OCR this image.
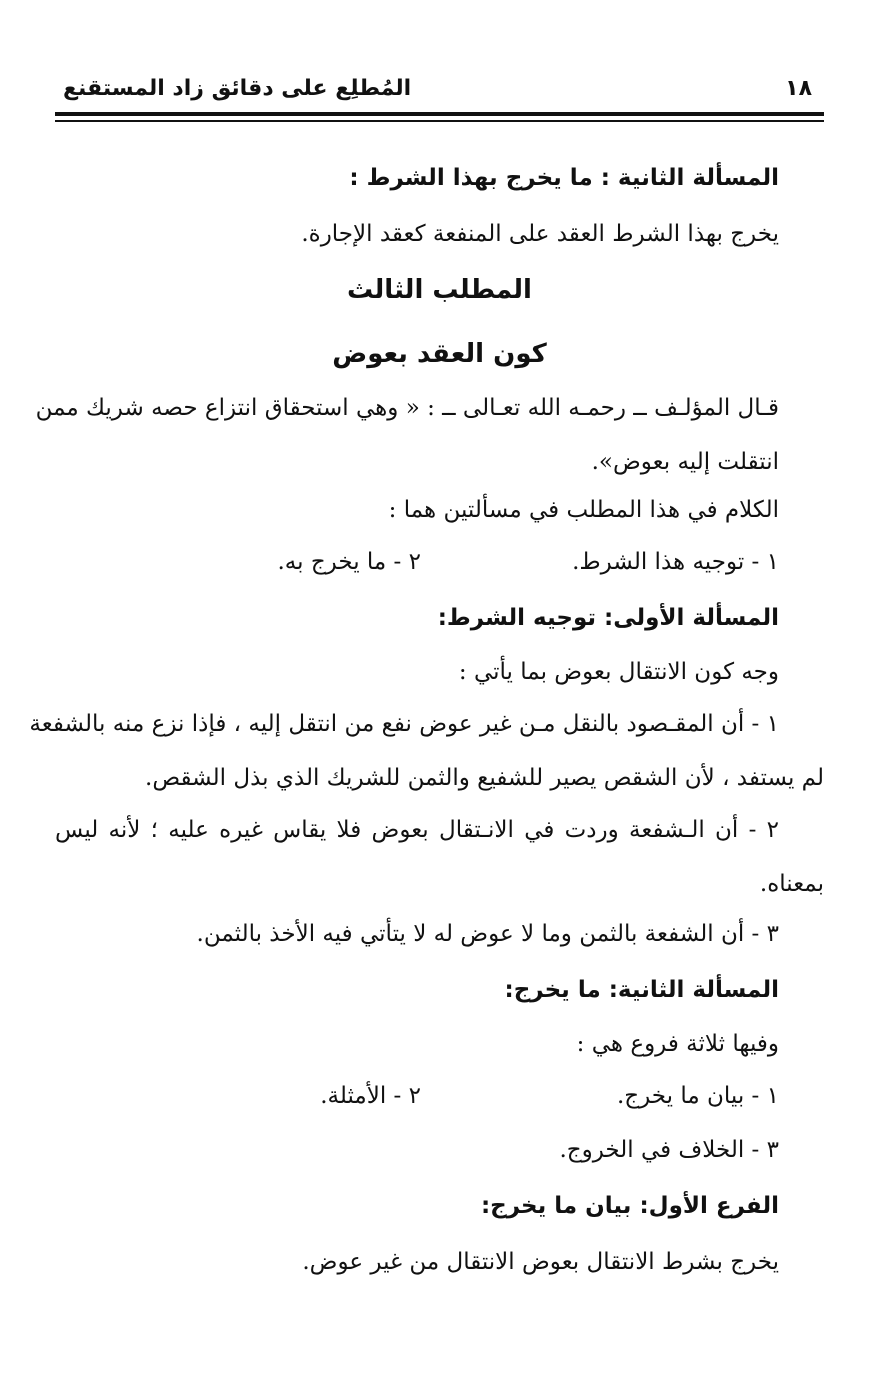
١٨
المُطلِع على دقائق زاد المستقنع
المسألة الثانية : ما يخرج بهذا الشرط :
يخرج بهذا الشرط العقد على المنفعة كعقد الإجارة.
المطلب الثالث
كون العقد بعوض
قـال المؤلـف ــ رحمـه الله تعـالى ــ : « وهي استحقاق انتزاع حصه شريك ممن
انتقلت إليه بعوض».
الكلام في هذا المطلب في مسألتين هما :
١ - توجيه هذا الشرط.
٢ - ما يخرج به.
المسألة الأولى: توجيه الشرط:
وجه كون الانتقال بعوض بما يأتي :
١ - أن المقـصود بالنقل مـن غير عوض نفع من انتقل إليه ، فإذا نزع منه بالشفعة
لم يستفد ، لأن الشقص يصير للشفيع والثمن للشريك الذي بذل الشقص.
٢ - أن الـشفعة وردت في الانـتقال بعوض فلا يقاس غيره عليه ؛ لأنه ليس
بمعناه.
٣ - أن الشفعة بالثمن وما لا عوض له لا يتأتي فيه الأخذ بالثمن.
المسألة الثانية: ما يخرج:
وفيها ثلاثة فروع هي :
١ - بيان ما يخرج.
٢ - الأمثلة.
٣ - الخلاف في الخروج.
الفرع الأول: بيان ما يخرج:
يخرج بشرط الانتقال بعوض الانتقال من غير عوض.
